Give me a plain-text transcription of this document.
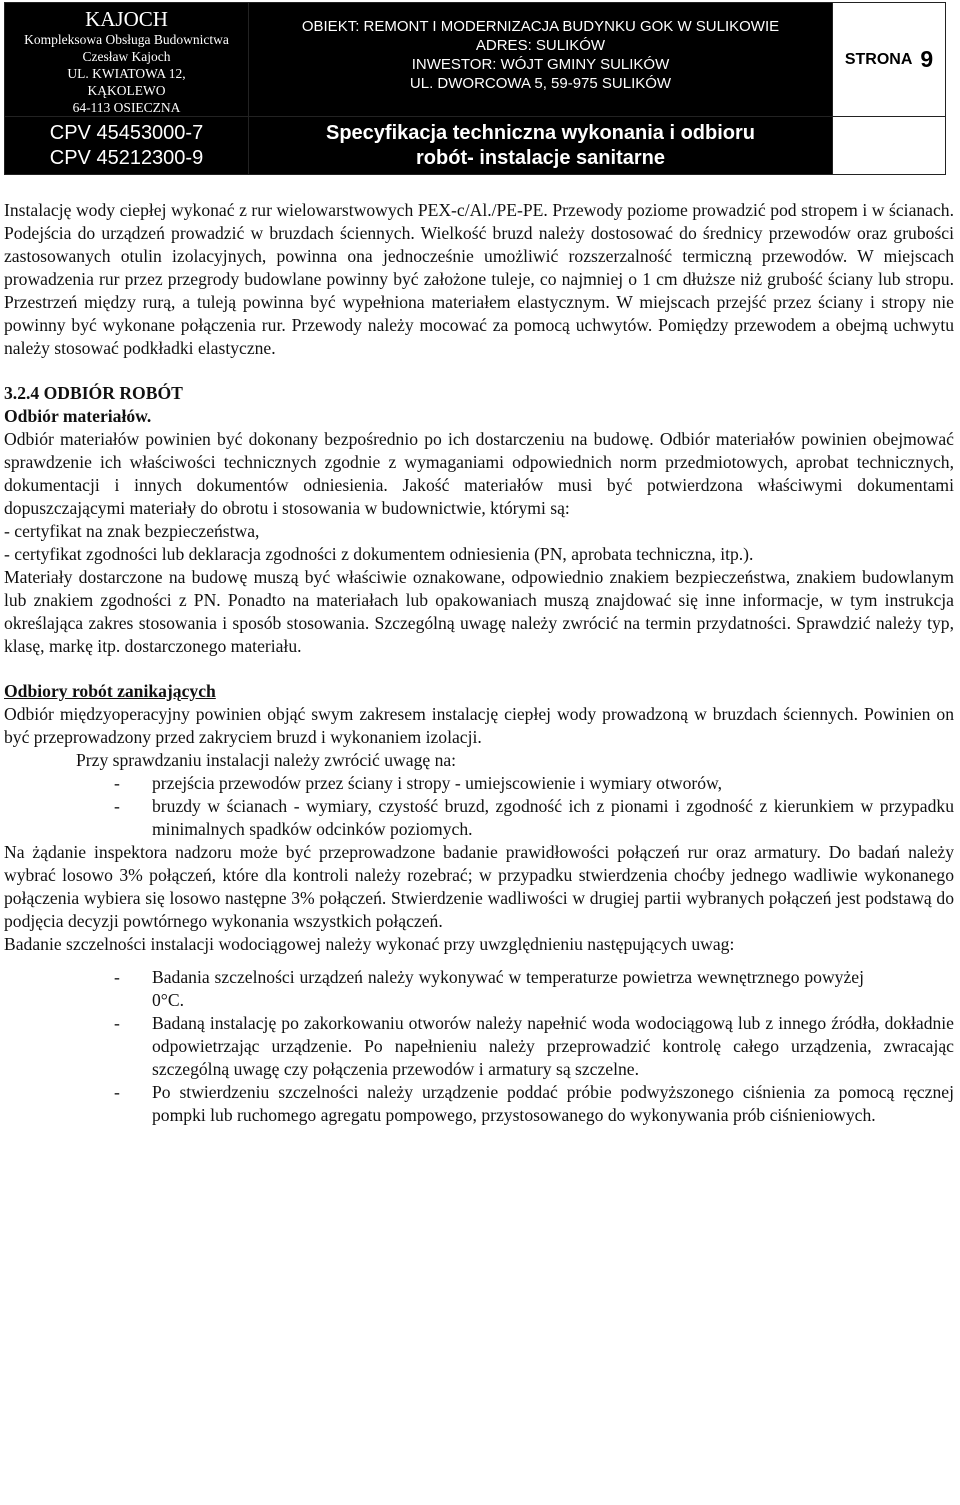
KAJOCH
Kompleksowa Obsługa Budownictwa
Czesław Kajoch
UL. KWIATOWA 12,
KĄKOLEWO
64-113 OSIECZNA
OBIEKT: REMONT I MODERNIZACJA BUDYNKU GOK W SULIKOWIE
ADRES: SULIKÓW
INWESTOR: WÓJT GMINY SULIKÓW
UL. DWORCOWA 5, 59-975 SULIKÓW
STRONA 9
CPV 45453000-7
CPV 45212300-9
Specyfikacja techniczna wykonania i odbioru
robót- instalacje sanitarne

Instalację wody ciepłej wykonać z rur wielowarstwowych PEX-c/Al./PE-PE. Przewody poziome prowadzić pod stropem i w ścianach. Podejścia do urządzeń prowadzić w bruzdach ściennych. Wielkość bruzd należy dostosować do średnicy przewodów oraz grubości zastosowanych otulin izolacyjnych, powinna ona jednocześnie umożliwić rozszerzalność termiczną przewodów. W miejscach prowadzenia rur przez przegrody budowlane powinny być założone tuleje, co najmniej o 1 cm dłuższe niż grubość ściany lub stropu. Przestrzeń między rurą, a tuleją powinna być wypełniona materiałem elastycznym. W miejscach przejść przez ściany i stropy nie powinny być wykonane połączenia rur. Przewody należy mocować za pomocą uchwytów. Pomiędzy przewodem a obejmą uchwytu należy stosować podkładki elastyczne.

3.2.4 ODBIÓR ROBÓT

Odbiór materiałów.

Odbiór materiałów powinien być dokonany bezpośrednio po ich dostarczeniu na budowę. Odbiór materiałów powinien obejmować sprawdzenie ich właściwości technicznych zgodnie z wymaganiami odpowiednich norm przedmiotowych, aprobat technicznych, dokumentacji i innych dokumentów odniesienia. Jakość materiałów musi być potwierdzona właściwymi dokumentami dopuszczającymi materiały do obrotu i stosowania w budownictwie, którymi są:

- certyfikat na znak bezpieczeństwa,

- certyfikat zgodności lub deklaracja zgodności z dokumentem odniesienia (PN, aprobata techniczna, itp.).

Materiały dostarczone na budowę muszą być właściwie oznakowane, odpowiednio znakiem bezpieczeństwa, znakiem budowlanym lub znakiem zgodności z PN. Ponadto na materiałach lub opakowaniach muszą znajdować się inne informacje, w tym instrukcja określająca zakres stosowania i sposób stosowania. Szczególną uwagę należy zwrócić na termin przydatności. Sprawdzić należy typ, klasę, markę itp. dostarczonego materiału.

Odbiory robót zanikających

Odbiór międzyoperacyjny powinien objąć swym zakresem instalację ciepłej wody prowadzoną w bruzdach ściennych. Powinien on być przeprowadzony przed zakryciem bruzd i wykonaniem izolacji.

Przy sprawdzaniu instalacji należy zwrócić uwagę na:

- przejścia przewodów przez ściany i stropy - umiejscowienie i wymiary otworów,

- bruzdy w ścianach - wymiary, czystość bruzd, zgodność ich z pionami i zgodność z kierunkiem w przypadku minimalnych spadków odcinków poziomych.

Na żądanie inspektora nadzoru może być przeprowadzone badanie prawidłowości połączeń rur oraz armatury. Do badań należy wybrać losowo 3% połączeń, które dla kontroli należy rozebrać; w przypadku stwierdzenia choćby jednego wadliwie wykonanego połączenia wybiera się losowo następne 3% połączeń. Stwierdzenie wadliwości w drugiej partii wybranych połączeń jest podstawą do podjęcia decyzji powtórnego wykonania wszystkich połączeń.

Badanie szczelności instalacji wodociągowej należy wykonać przy uwzględnieniu następujących uwag:

- Badania szczelności urządzeń należy wykonywać w temperaturze powietrza wewnętrznego powyżej 0°C.

- Badaną instalację po zakorkowaniu otworów należy napełnić woda wodociągową lub z innego źródła, dokładnie odpowietrzając urządzenie. Po napełnieniu należy przeprowadzić kontrolę całego urządzenia, zwracając szczególną uwagę czy połączenia przewodów i armatury są szczelne.

- Po stwierdzeniu szczelności należy urządzenie poddać próbie podwyższonego ciśnienia za pomocą ręcznej pompki lub ruchomego agregatu pompowego, przystosowanego do wykonywania prób ciśnieniowych.
